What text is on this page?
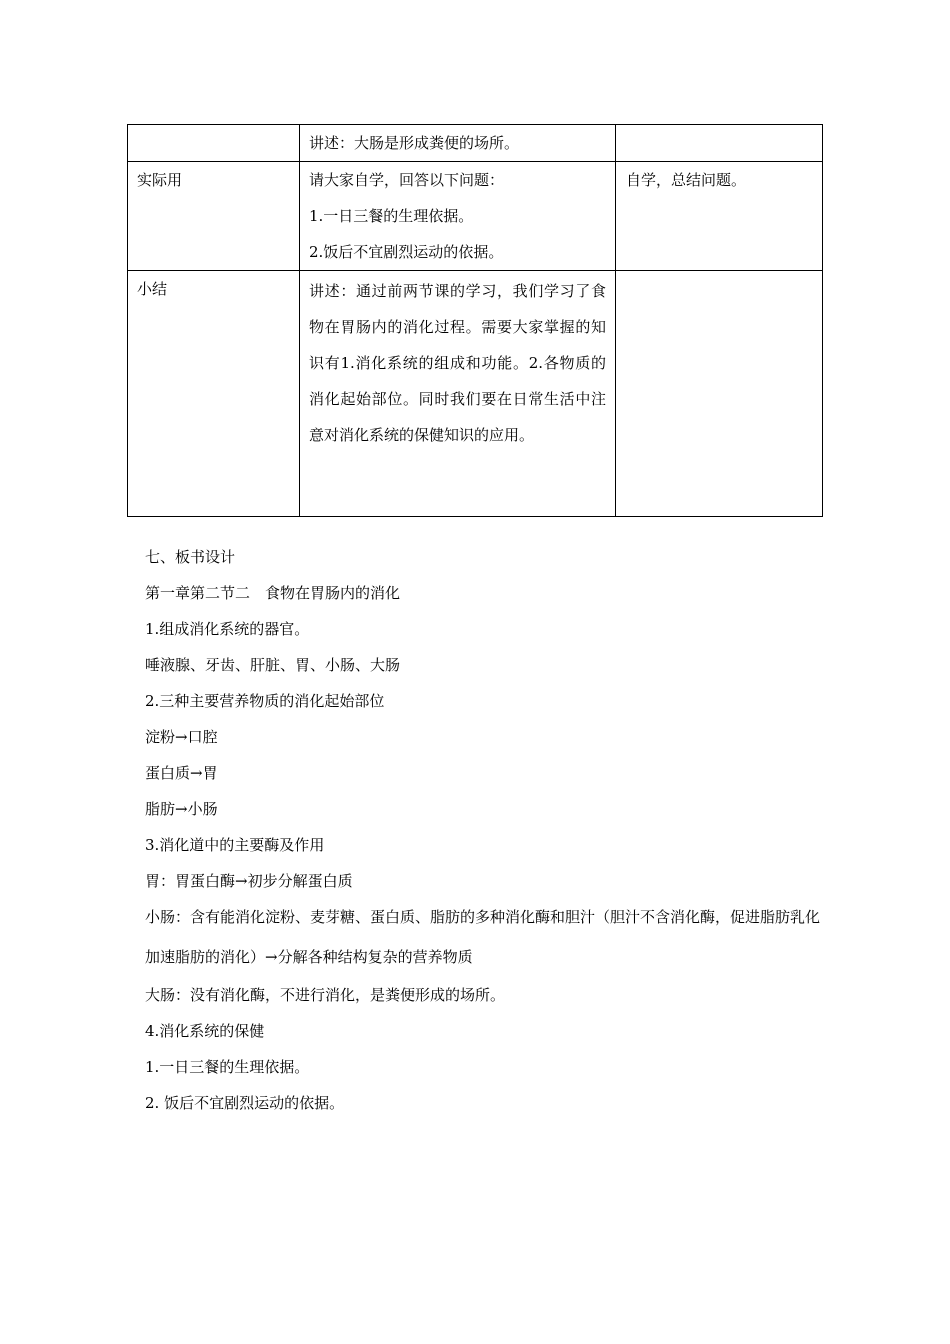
	讲述：大肠是形成粪便的场所。	

实际用	请大家自学，回答以下问题：
1.一日三餐的生理依据。
2.饭后不宜剧烈运动的依据。	自学，总结问题。

小结	讲述：通过前两节课的学习，我们学习了食物在胃肠内的消化过程。需要大家掌握的知识有1.消化系统的组成和功能。2.各物质的消化起始部位。同时我们要在日常生活中注意对消化系统的保健知识的应用。	

七、板书设计

第一章第二节二　食物在胃肠内的消化

1.组成消化系统的器官。

唾液腺、牙齿、肝脏、胃、小肠、大肠

2.三种主要营养物质的消化起始部位

淀粉→口腔

蛋白质→胃

脂肪→小肠

3.消化道中的主要酶及作用

胃：胃蛋白酶→初步分解蛋白质

小肠：含有能消化淀粉、麦芽糖、蛋白质、脂肪的多种消化酶和胆汁（胆汁不含消化酶，促进脂肪乳化加速脂肪的消化）→分解各种结构复杂的营养物质

大肠：没有消化酶，不进行消化，是粪便形成的场所。

4.消化系统的保健

1.一日三餐的生理依据。

2. 饭后不宜剧烈运动的依据。
